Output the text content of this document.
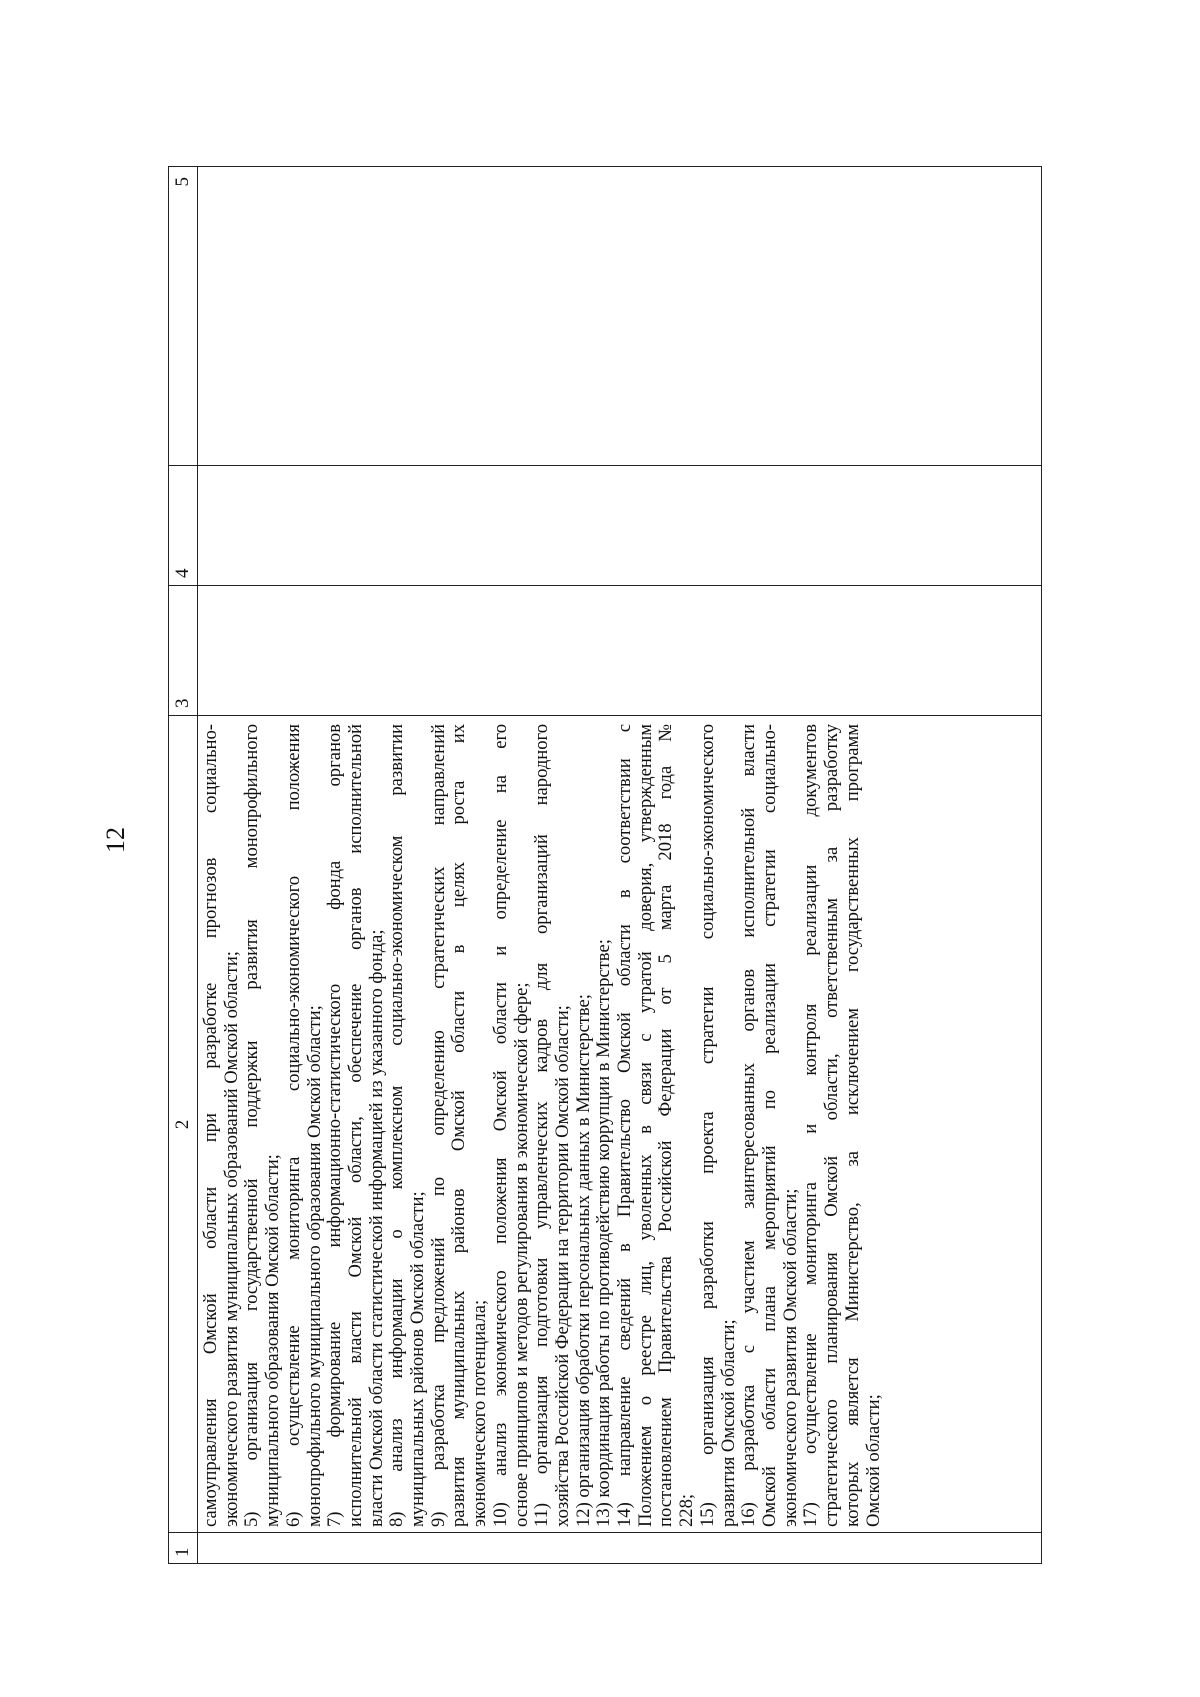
12
1
2
3
4
5
самоуправления Омской области при разработке прогнозов социально- экономического развития муниципальных образований Омской области; 5) организация государственной поддержки развития монопрофильного муниципального образования Омской области; 6) осуществление мониторинга социально-экономического положения монопрофильного муниципального образования Омской области; 7) формирование информационно-статистического фонда органов исполнительной власти Омской области, обеспечение органов исполнительной власти Омской области статистической информацией из указанного фонда; 8) анализ информации о комплексном социально-экономическом развитии муниципальных районов Омской области; 9) разработка предложений по определению стратегических направлений развития муниципальных районов Омской области в целях роста их экономического потенциала; 10) анализ экономического положения Омской области и определение на его основе принципов и методов регулирования в экономической сфере; 11) организация подготовки управленческих кадров для организаций народного хозяйства Российской Федерации на территории Омской области; 12) организация обработки персональных данных в Министерстве; 13) координация работы по противодействию коррупции в Министерстве; 14) направление сведений в Правительство Омской области в соответствии с Положением о реестре лиц, уволенных в связи с утратой доверия, утвержденным постановлением Правительства Российской Федерации от 5 марта 2018 года № 228; 15) организация разработки проекта стратегии социально-экономического развития Омской области; 16) разработка с участием заинтересованных органов исполнительной власти Омской области плана мероприятий по реализации стратегии социально- экономического развития Омской области; 17) осуществление мониторинга и контроля реализации документов стратегического планирования Омской области, ответственным за разработку которых является Министерство, за исключением государственных программ Омской области;
